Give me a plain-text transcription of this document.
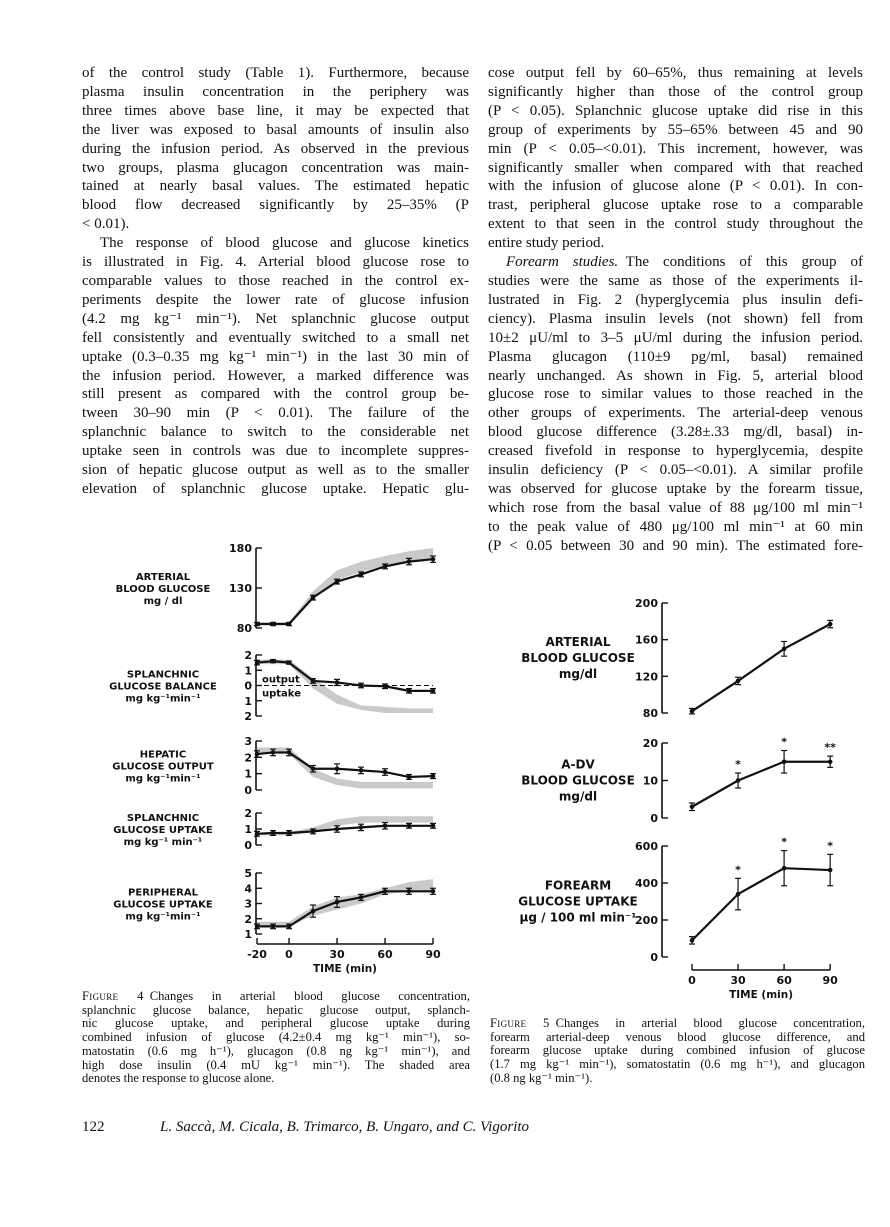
of the control study (Table 1). Furthermore, because
plasma insulin concentration in the periphery was
three times above base line, it may be expected that
the liver was exposed to basal amounts of insulin also
during the infusion period. As observed in the previous
two groups, plasma glucagon concentration was main-
tained at nearly basal values. The estimated hepatic
blood flow decreased significantly by 25–35% (P
< 0.01).
The response of blood glucose and glucose kinetics
is illustrated in Fig. 4. Arterial blood glucose rose to
comparable values to those reached in the control ex-
periments despite the lower rate of glucose infusion
(4.2 mg kg⁻¹ min⁻¹). Net splanchnic glucose output
fell consistently and eventually switched to a small net
uptake (0.3–0.35 mg kg⁻¹ min⁻¹) in the last 30 min of
the infusion period. However, a marked difference was
still present as compared with the control group be-
tween 30–90 min (P < 0.01). The failure of the
splanchnic balance to switch to the considerable net
uptake seen in controls was due to incomplete suppres-
sion of hepatic glucose output as well as to the smaller
elevation of splanchnic glucose uptake. Hepatic glu-
cose output fell by 60–65%, thus remaining at levels
significantly higher than those of the control group
(P < 0.05). Splanchnic glucose uptake did rise in this
group of experiments by 55–65% between 45 and 90
min (P < 0.05–<0.01). This increment, however, was
significantly smaller when compared with that reached
with the infusion of glucose alone (P < 0.01). In con-
trast, peripheral glucose uptake rose to a comparable
extent to that seen in the control study throughout the
entire study period.
Forearm studies.  The conditions of this group of
studies were the same as those of the experiments il-
lustrated in Fig. 2 (hyperglycemia plus insulin defi-
ciency). Plasma insulin levels (not shown) fell from
10±2 μU/ml to 3–5 μU/ml during the infusion period.
Plasma glucagon (110±9 pg/ml, basal) remained
nearly unchanged. As shown in Fig. 5, arterial blood
glucose rose to similar values to those reached in the
other groups of experiments. The arterial-deep venous
blood glucose difference (3.28±.33 mg/dl, basal) in-
creased fivefold in response to hyperglycemia, despite
insulin deficiency (P < 0.05–<0.01). A similar profile
was observed for glucose uptake by the forearm tissue,
which rose from the basal value of 88 μg/100 ml min⁻¹
to the peak value of 480 μg/100 ml min⁻¹ at 60 min
(P < 0.05 between 30 and 90 min). The estimated fore-
180
130
80
ARTERIAL
BLOOD GLUCOSE
mg / dl
2
1
0
1
2
SPLANCHNIC
GLUCOSE BALANCE
mg kg⁻¹min⁻¹
output
uptake
3
2
1
0
HEPATIC
GLUCOSE OUTPUT
mg kg⁻¹min⁻¹
2
1
0
SPLANCHNIC
GLUCOSE UPTAKE
mg kg⁻¹ min⁻¹
5
4
3
2
1
PERIPHERAL
GLUCOSE UPTAKE
mg kg⁻¹min⁻¹
-20 0	30	60	90
TIME (min)
200
160
120
80
ARTERIAL
BLOOD GLUCOSE
mg/dl
20
10
0
A-DV
BLOOD GLUCOSE
mg/dl
*
*	**
600
400
200
0
FOREARM
GLUCOSE UPTAKE
μg / 100 ml min⁻¹
*
*	*
0	30	60	90
TIME (min)
Figure 4 Changes in arterial blood glucose concentration,
splanchnic glucose balance, hepatic glucose output, splanch-
nic glucose uptake, and peripheral glucose uptake during
combined infusion of glucose (4.2±0.4 mg kg⁻¹ min⁻¹), so-
matostatin (0.6 mg h⁻¹), glucagon (0.8 ng kg⁻¹ min⁻¹), and
high dose insulin (0.4 mU kg⁻¹ min⁻¹). The shaded area
denotes the response to glucose alone.
Figure 5 Changes in arterial blood glucose concentration,
forearm arterial-deep venous blood glucose difference, and
forearm glucose uptake during combined infusion of glucose
(1.7 mg kg⁻¹ min⁻¹), somatostatin (0.6 mg h⁻¹), and glucagon
(0.8 ng kg⁻¹ min⁻¹).
122	L. Saccà, M. Cicala, B. Trimarco, B. Ungaro, and C. Vigorito
